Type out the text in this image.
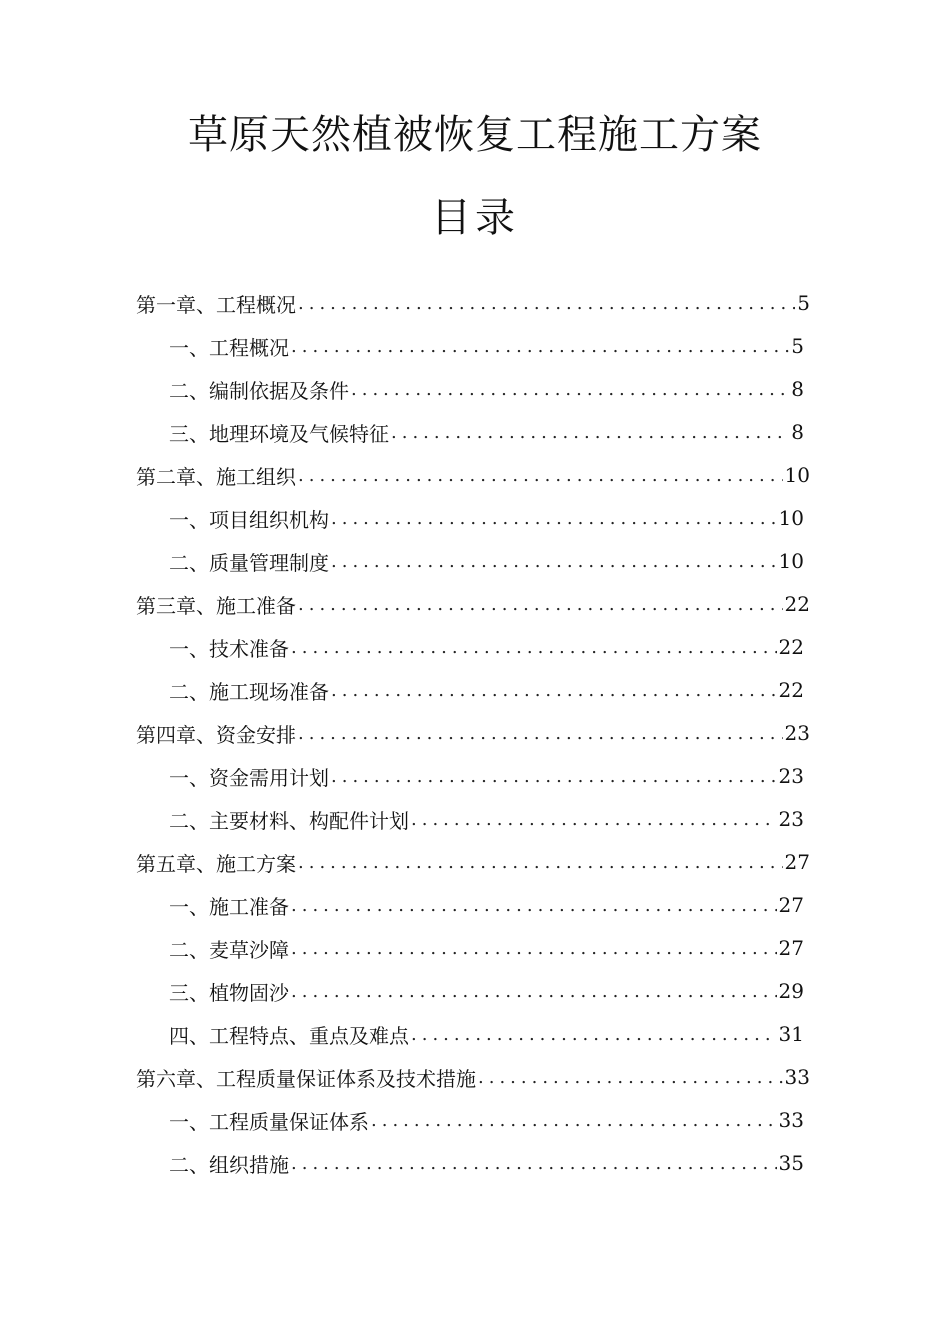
草原天然植被恢复工程施工方案
目录
第一章、工程概况 .....	5
一、工程概况 .....	5
二、编制依据及条件 .....	8
三、地理环境及气候特征 .....	8
第二章、施工组织 .....	10
一、项目组织机构 .....	10
二、质量管理制度 .....	10
第三章、施工准备 .....	22
一、技术准备 .....	22
二、施工现场准备 .....	22
第四章、资金安排 .....	23
一、资金需用计划 .....	23
二、主要材料、构配件计划 .....	23
第五章、施工方案 .....	27
一、施工准备 .....	27
二、麦草沙障 .....	27
三、植物固沙 .....	29
四、工程特点、重点及难点 .....	31
第六章、工程质量保证体系及技术措施 .....	33
一、工程质量保证体系 .....	33
二、组织措施 .....	35
